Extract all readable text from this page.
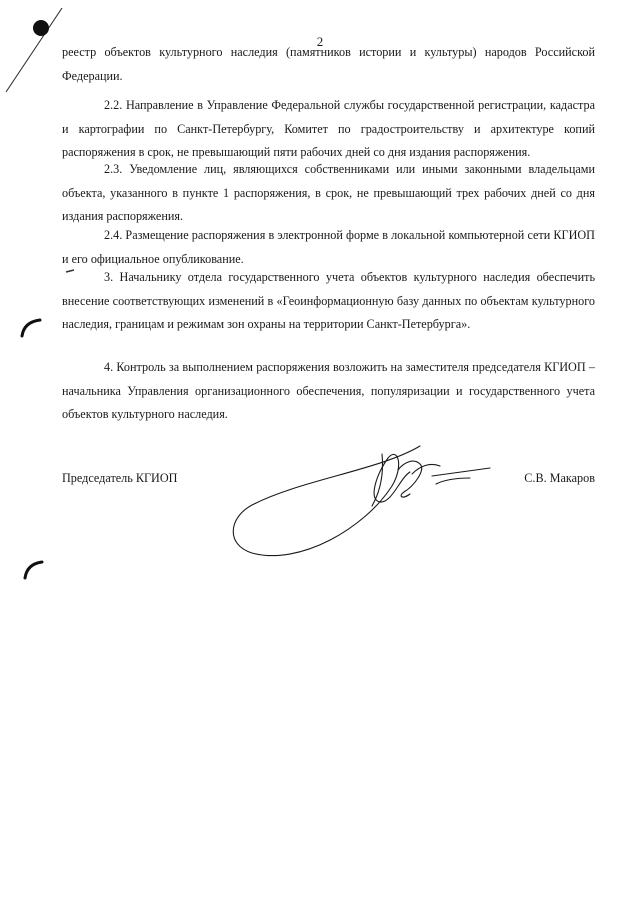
2

реестр объектов культурного наследия (памятников истории и культуры) народов Российской Федерации.

2.2. Направление в Управление Федеральной службы государственной регистрации, кадастра и картографии по Санкт-Петербургу, Комитет по градостроительству и архитектуре копий распоряжения в срок, не превышающий пяти рабочих дней со дня издания распоряжения.

2.3. Уведомление лиц, являющихся собственниками или иными законными владельцами объекта, указанного в пункте 1 распоряжения, в срок, не превышающий трех рабочих дней со дня издания распоряжения.

2.4. Размещение распоряжения в электронной форме в локальной компьютерной сети КГИОП и его официальное опубликование.

3. Начальнику отдела государственного учета объектов культурного наследия обеспечить внесение соответствующих изменений в «Геоинформационную базу данных по объектам культурного наследия, границам и режимам зон охраны на территории Санкт-Петербурга».

4. Контроль за выполнением распоряжения возложить на заместителя председателя КГИОП – начальника Управления организационного обеспечения, популяризации и государственного учета объектов культурного наследия.

Председатель КГИОП	С.В. Макаров
